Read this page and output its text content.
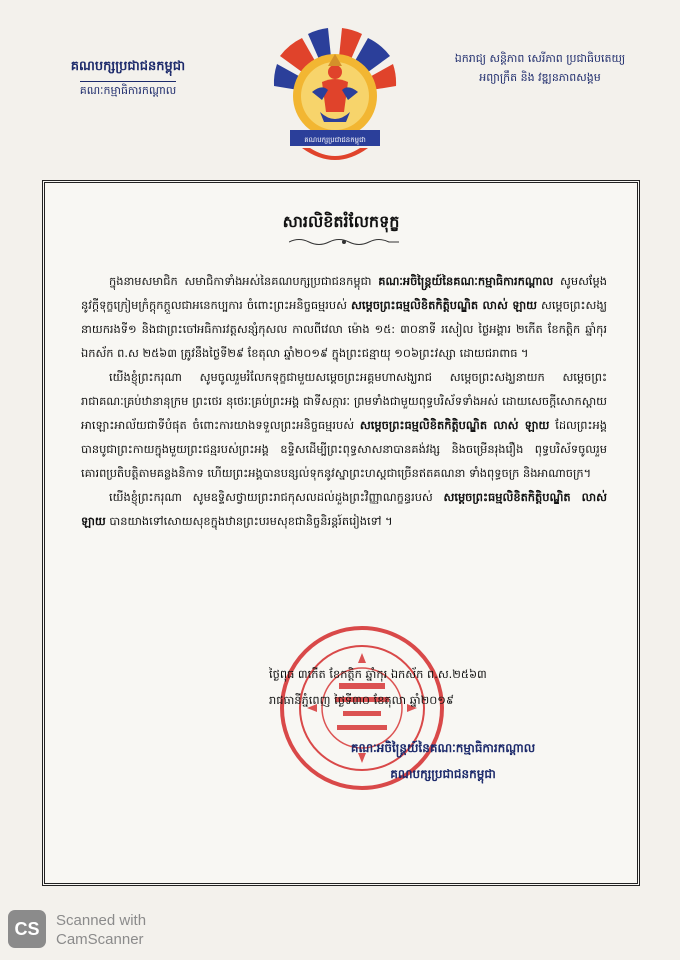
គណបក្សប្រជាជនកម្ពុជា
គណៈកម្មាធិការកណ្ដាល
គណបក្សប្រជាជនកម្ពុជា
ឯករាជ្យ សន្តិភាព សេរីភាព ប្រជាធិបតេយ្យ
អព្យាក្រឹត និង វឌ្ឍនភាពសង្គម
សារលិខិតរំលែកទុក្ខ

ក្នុងនាមសមាជិក សមាជិកាទាំងអស់នៃគណបក្សប្រជាជនកម្ពុជា គណៈអចិន្ត្រៃយ៍នៃគណៈកម្មាធិការកណ្ដាល សូមសម្ដែងនូវក្ដីទុក្ខក្រៀមក្រំក្ដុកក្ដួលជាអនេកប្បការ ចំពោះព្រះអនិច្ចធម្មរបស់ សម្ដេចព្រះធម្មលិខិតកិត្តិបណ្ឌិត លាស់ ឡាយ សម្ដេចព្រះសង្ឃនាយករងទី១ និងជាព្រះចៅអធិការវត្តសន្សំកុសល កាលពីវេលា ម៉ោង ១៥: ៣០នាទី រសៀល ថ្ងៃអង្គារ ២កើត ខែកត្តិក ឆ្នាំកុរ ឯកស័ក ព.ស ២៥៦៣ ត្រូវនឹងថ្ងៃទី២៩ ខែតុលា ឆ្នាំ២០១៩ ក្នុងព្រះជន្មាយុ ១០៦ព្រះវស្សា ដោយជរាពាធ ។

យើងខ្ញុំព្រះករុណា សូមចូលរួមរំលែកទុក្ខជាមួយសម្ដេចព្រះអគ្គមហាសង្ឃរាជ សម្ដេចព្រះសង្ឃនាយក សម្ដេចព្រះរាជាគណៈគ្រប់ឋានានុក្រម ព្រះថេរ នុថេរៈគ្រប់ព្រះអង្គ ជាទីសក្ការៈ ព្រមទាំងជាមួយពុទ្ធបរិស័ទទាំងអស់ ដោយសេចក្ដីសោកស្ដាយអាឡោះអាល័យជាទីបំផុត ចំពោះការយាងទទួលព្រះអនិច្ចធម្មរបស់ សម្ដេចព្រះធម្មលិខិតកិត្តិបណ្ឌិត លាស់ ឡាយ ដែលព្រះអង្គបានបូជាព្រះកាយក្នុងមួយព្រះជន្មរបស់ព្រះអង្គ ឧទ្ទិសដើម្បីព្រះពុទ្ធសាសនាបានគង់វង្ស និងចម្រើនរុងរឿង ពុទ្ធបរិស័ទចូលរួមគោរពប្រតិបត្តិតាមគន្លងនិកាទ ហើយព្រះអង្គបានបន្សល់ទុកនូវស្នាព្រះហស្ដជាច្រើនឥតគណនា ទាំងពុទ្ធចក្រ និងអាណាចក្រ។

យើងខ្ញុំព្រះករុណា សូមឧទ្ទិសថ្វាយព្រះរាជកុសលដល់ដួងព្រះវិញ្ញាណក្ខន្ធរបស់ សម្ដេចព្រះធម្មលិខិតកិត្តិបណ្ឌិត លាស់ ឡាយ បានយាងទៅសោយសុខក្នុងឋានព្រះបរមសុខជានិច្ចនិរន្តរ៍តរៀងទៅ ។

ថ្ងៃពុធ ៣កើត ខែកត្តិក ឆ្នាំកុរ ឯកស័ក ព.ស.២៥៦៣
រាជធានីភ្នំពេញ ថ្ងៃទី៣០ ខែតុលា ឆ្នាំ២០១៩
គណៈអចិន្ត្រៃយ៍នៃគណៈកម្មាធិការកណ្ដាល
គណបក្សប្រជាជនកម្ពុជា
CS	Scanned with
CamScanner
